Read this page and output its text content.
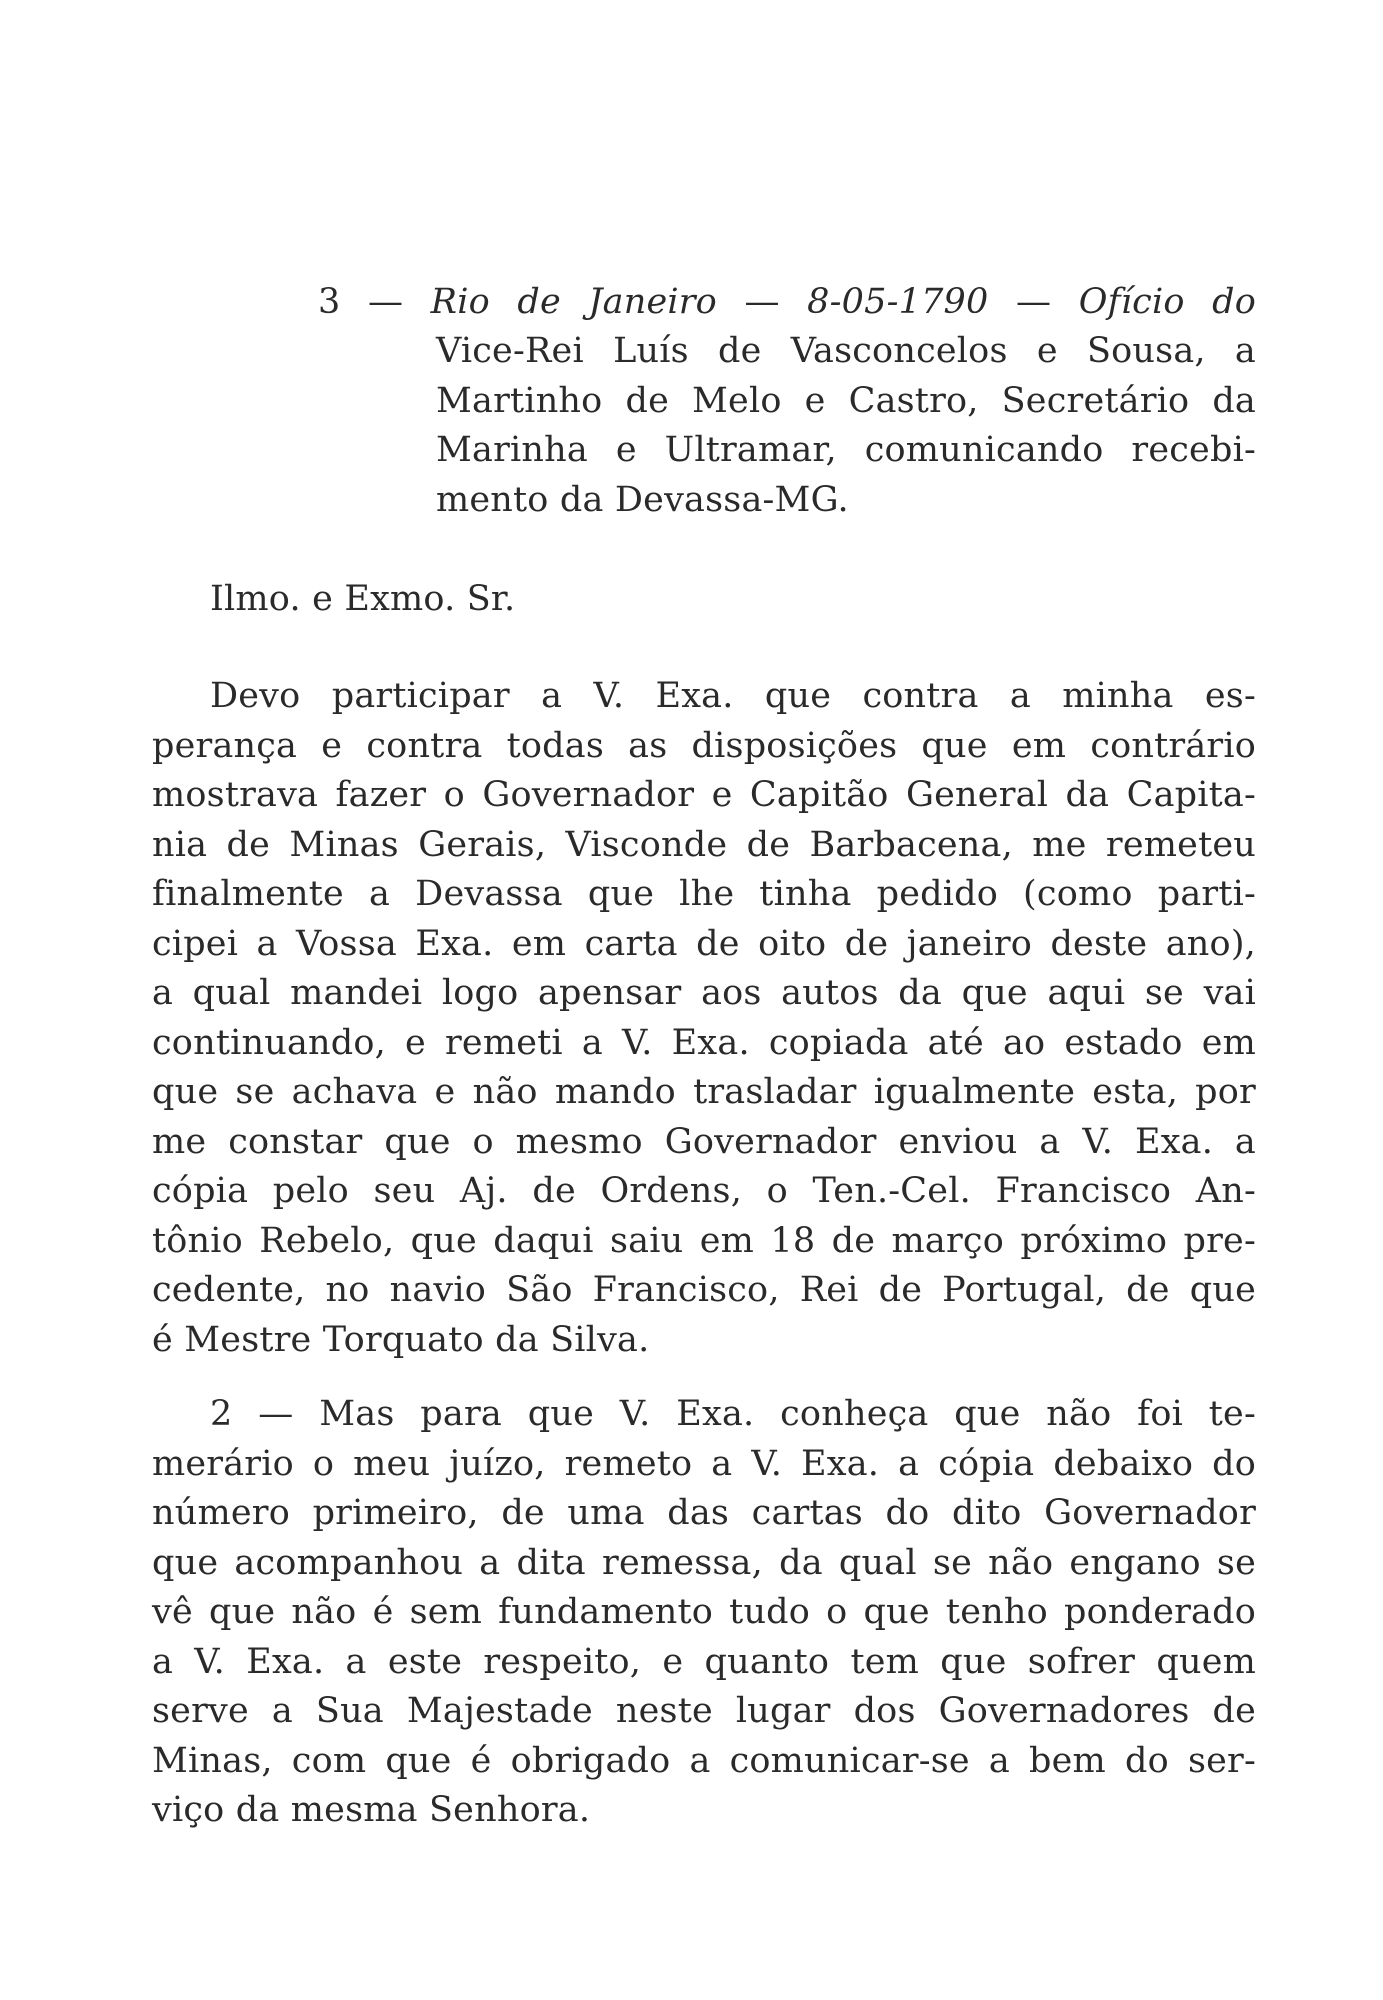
3 — Rio de Janeiro — 8-05-1790 — Ofício do
Vice-Rei Luís de Vasconcelos e Sousa, a
Martinho de Melo e Castro, Secretário da
Marinha e Ultramar, comunicando recebi-
mento da Devassa-MG.
Ilmo. e Exmo. Sr.
Devo participar a V. Exa. que contra a minha es-
perança e contra todas as disposições que em contrário
mostrava fazer o Governador e Capitão General da Capita-
nia de Minas Gerais, Visconde de Barbacena, me remeteu
finalmente a Devassa que lhe tinha pedido (como parti-
cipei a Vossa Exa. em carta de oito de janeiro deste ano),
a qual mandei logo apensar aos autos da que aqui se vai
continuando, e remeti a V. Exa. copiada até ao estado em
que se achava e não mando trasladar igualmente esta, por
me constar que o mesmo Governador enviou a V. Exa. a
cópia pelo seu Aj. de Ordens, o Ten.-Cel. Francisco An-
tônio Rebelo, que daqui saiu em 18 de março próximo pre-
cedente, no navio São Francisco, Rei de Portugal, de que
é Mestre Torquato da Silva.
2 — Mas para que V. Exa. conheça que não foi te-
merário o meu juízo, remeto a V. Exa. a cópia debaixo do
número primeiro, de uma das cartas do dito Governador
que acompanhou a dita remessa, da qual se não engano se
vê que não é sem fundamento tudo o que tenho ponderado
a V. Exa. a este respeito, e quanto tem que sofrer quem
serve a Sua Majestade neste lugar dos Governadores de
Minas, com que é obrigado a comunicar-se a bem do ser-
viço da mesma Senhora.
